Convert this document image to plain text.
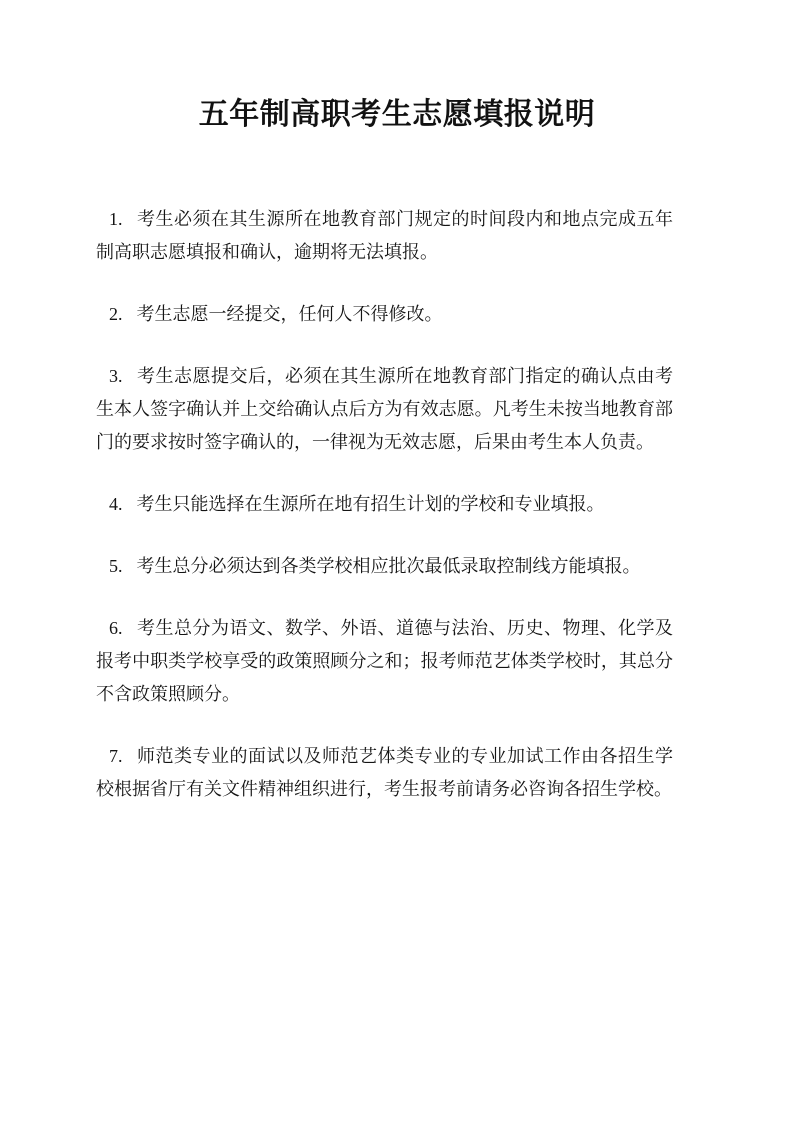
五年制高职考生志愿填报说明

1. 考生必须在其生源所在地教育部门规定的时间段内和地点完成五年制高职志愿填报和确认，逾期将无法填报。

2. 考生志愿一经提交，任何人不得修改。

3. 考生志愿提交后，必须在其生源所在地教育部门指定的确认点由考生本人签字确认并上交给确认点后方为有效志愿。凡考生未按当地教育部门的要求按时签字确认的，一律视为无效志愿，后果由考生本人负责。

4. 考生只能选择在生源所在地有招生计划的学校和专业填报。

5. 考生总分必须达到各类学校相应批次最低录取控制线方能填报。

6. 考生总分为语文、数学、外语、道德与法治、历史、物理、化学及报考中职类学校享受的政策照顾分之和；报考师范艺体类学校时，其总分不含政策照顾分。

7. 师范类专业的面试以及师范艺体类专业的专业加试工作由各招生学校根据省厅有关文件精神组织进行，考生报考前请务必咨询各招生学校。
